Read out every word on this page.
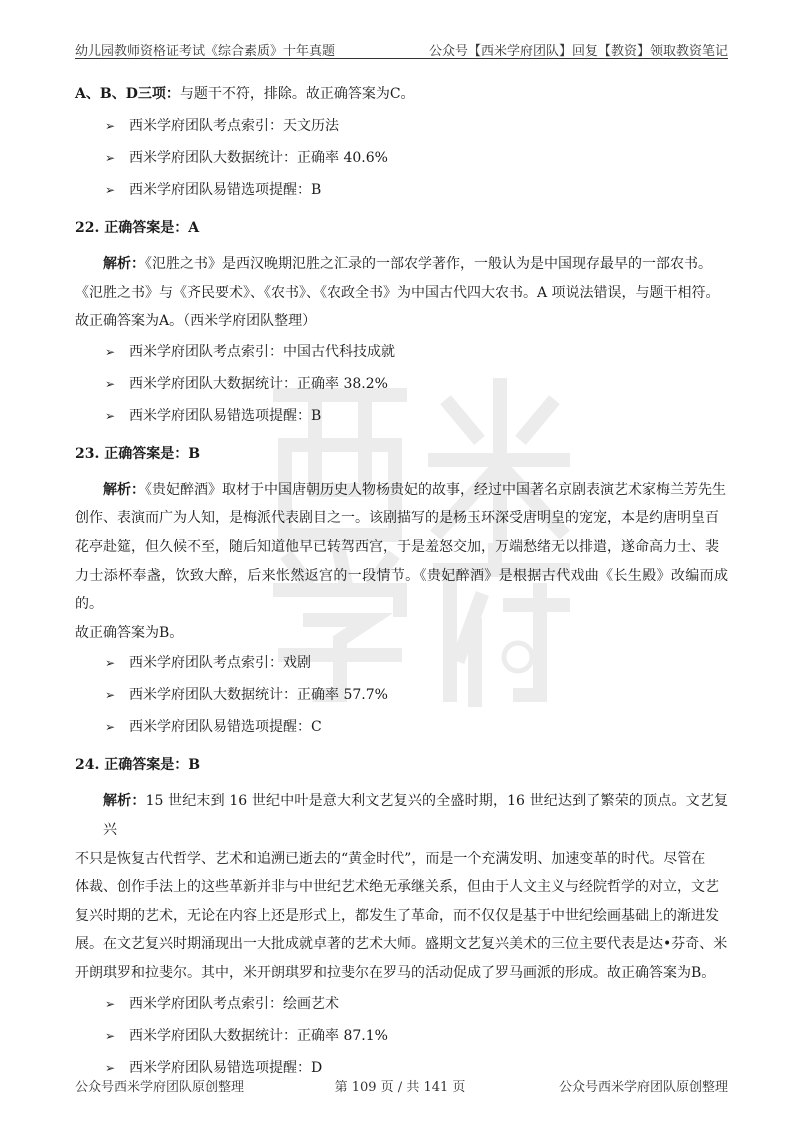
西米学府
幼儿园教师资格证考试《综合素质》十年真题	公众号【西米学府团队】回复【教资】领取教资笔记
A、B、D三项：与题干不符，排除。故正确答案为C。
➢ 西米学府团队考点索引：天文历法
➢ 西米学府团队大数据统计：正确率 40.6%
➢ 西米学府团队易错选项提醒：B
22. 正确答案是：A
解析：《氾胜之书》是西汉晚期氾胜之汇录的一部农学著作，一般认为是中国现存最早的一部农书。
《氾胜之书》与《齐民要术》、《农书》、《农政全书》为中国古代四大农书。A 项说法错误，与题干相符。
故正确答案为A。（西米学府团队整理）
➢ 西米学府团队考点索引：中国古代科技成就
➢ 西米学府团队大数据统计：正确率 38.2%
➢ 西米学府团队易错选项提醒：B
23. 正确答案是：B
解析：《贵妃醉酒》取材于中国唐朝历史人物杨贵妃的故事，经过中国著名京剧表演艺术家梅兰芳先生
创作、表演而广为人知，是梅派代表剧目之一。该剧描写的是杨玉环深受唐明皇的宠宠，本是约唐明皇百
花亭赴筵，但久候不至，随后知道他早已转驾西宫，于是羞怒交加，万端愁绪无以排遣，遂命高力士、裴
力士添杯奉盏，饮致大醉，后来怅然返宫的一段情节。《贵妃醉酒》是根据古代戏曲《长生殿》改编而成的。
故正确答案为B。
➢ 西米学府团队考点索引：戏剧
➢ 西米学府团队大数据统计：正确率 57.7%
➢ 西米学府团队易错选项提醒：C
24. 正确答案是：B
解析：15 世纪末到 16 世纪中叶是意大利文艺复兴的全盛时期，16 世纪达到了繁荣的顶点。文艺复兴
不只是恢复古代哲学、艺术和追溯已逝去的“黄金时代”，而是一个充满发明、加速变革的时代。尽管在
体裁、创作手法上的这些革新并非与中世纪艺术绝无承继关系，但由于人文主义与经院哲学的对立，文艺
复兴时期的艺术，无论在内容上还是形式上，都发生了革命，而不仅仅是基于中世纪绘画基础上的渐进发
展。在文艺复兴时期涌现出一大批成就卓著的艺术大师。盛期文艺复兴美术的三位主要代表是达•芬奇、米
开朗琪罗和拉斐尔。其中，米开朗琪罗和拉斐尔在罗马的活动促成了罗马画派的形成。故正确答案为B。
➢ 西米学府团队考点索引：绘画艺术
➢ 西米学府团队大数据统计：正确率 87.1%
➢ 西米学府团队易错选项提醒：D
公众号西米学府团队原创整理	第 109 页 / 共 141 页	公众号西米学府团队原创整理
